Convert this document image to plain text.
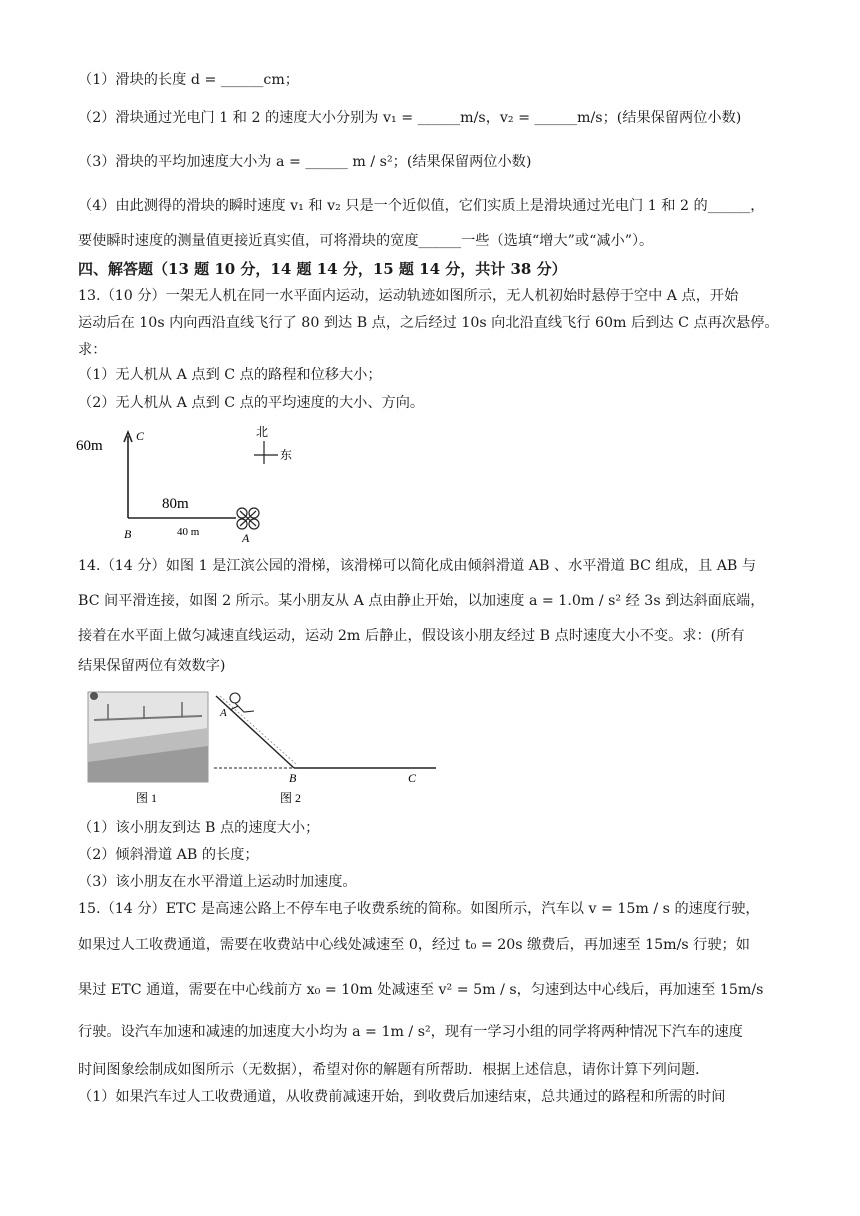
（1）滑块的长度 d = ______cm；
（2）滑块通过光电门 1 和 2 的速度大小分别为 v₁ = ______m/s，v₂ = ______m/s；(结果保留两位小数)
（3）滑块的平均加速度大小为 a = ______ m / s²；(结果保留两位小数)
（4）由此测得的滑块的瞬时速度 v₁ 和 v₂ 只是一个近似值，它们实质上是滑块通过光电门 1 和 2 的______，
要使瞬时速度的测量值更接近真实值，可将滑块的宽度______一些（选填“增大”或“减小”）。
四、解答题（13 题 10 分，14 题 14 分，15 题 14 分，共计 38 分）
13.（10 分）一架无人机在同一水平面内运动，运动轨迹如图所示，无人机初始时悬停于空中 A 点，开始
运动后在 10s 内向西沿直线飞行了 80 到达 B 点，之后经过 10s 向北沿直线飞行 60m 后到达 C 点再次悬停。
求：
（1）无人机从 A 点到 C 点的路程和位移大小；
（2）无人机从 A 点到 C 点的平均速度的大小、方向。
60m
C
B
80m
40 m	A
北
东
14.（14 分）如图 1 是江滨公园的滑梯，该滑梯可以简化成由倾斜滑道 AB 、水平滑道 BC 组成，且 AB 与
BC 间平滑连接，如图 2 所示。某小朋友从 A 点由静止开始，以加速度 a = 1.0m / s² 经 3s 到达斜面底端，
接着在水平面上做匀减速直线运动，运动 2m 后静止，假设该小朋友经过 B 点时速度大小不变。求：(所有
结果保留两位有效数字)
图 1
A
B	C
图 2
（1）该小朋友到达 B 点的速度大小；
（2）倾斜滑道 AB 的长度；
（3）该小朋友在水平滑道上运动时加速度。
15.（14 分）ETC 是高速公路上不停车电子收费系统的简称。如图所示，汽车以 v = 15m / s 的速度行驶，
如果过人工收费通道，需要在收费站中心线处减速至 0，经过 t₀ = 20s 缴费后，再加速至 15m/s 行驶；如
果过 ETC 通道，需要在中心线前方 x₀ = 10m 处减速至 v² = 5m / s，匀速到达中心线后，再加速至 15m/s
行驶。设汽车加速和减速的加速度大小均为 a = 1m / s²，现有一学习小组的同学将两种情况下汽车的速度
时间图象绘制成如图所示（无数据），希望对你的解题有所帮助．根据上述信息，请你计算下列问题．
（1）如果汽车过人工收费通道，从收费前减速开始，到收费后加速结束，总共通过的路程和所需的时间
